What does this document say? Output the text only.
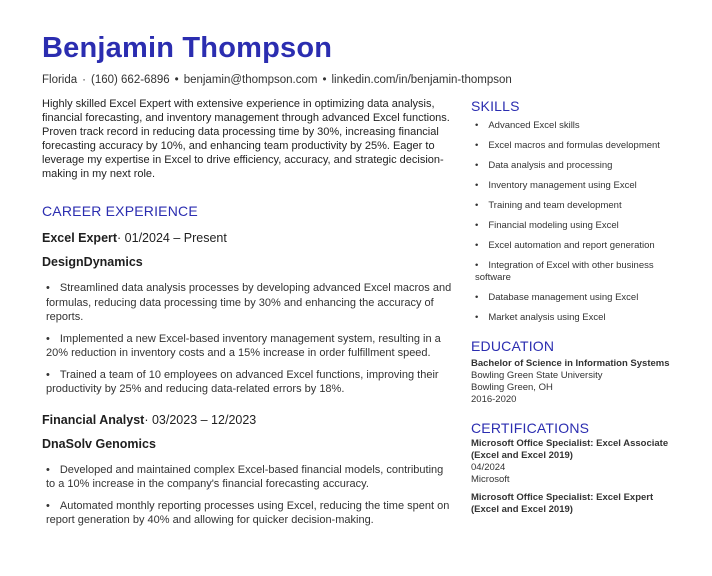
Benjamin Thompson
Florida · (160) 662-6896 • benjamin@thompson.com • linkedin.com/in/benjamin-thompson

Highly skilled Excel Expert with extensive experience in optimizing data analysis, financial forecasting, and inventory management through advanced Excel functions. Proven track record in reducing data processing time by 30%, increasing financial forecasting accuracy by 10%, and enhancing team productivity by 25%. Eager to leverage my expertise in Excel to drive efficiency, accuracy, and strategic decision-making in my next role.

CAREER EXPERIENCE
Excel Expert· 01/2024 – Present
DesignDynamics
• Streamlined data analysis processes by developing advanced Excel macros and formulas, reducing data processing time by 30% and enhancing the accuracy of reports.
• Implemented a new Excel-based inventory management system, resulting in a 20% reduction in inventory costs and a 15% increase in order fulfillment speed.
• Trained a team of 10 employees on advanced Excel functions, improving their productivity by 25% and reducing data-related errors by 18%.
Financial Analyst· 03/2023 – 12/2023
DnaSolv Genomics
• Developed and maintained complex Excel-based financial models, contributing to a 10% increase in the company's financial forecasting accuracy.
• Automated monthly reporting processes using Excel, reducing the time spent on report generation by 40% and allowing for quicker decision-making.
SKILLS
• Advanced Excel skills
• Excel macros and formulas development
• Data analysis and processing
• Inventory management using Excel
• Training and team development
• Financial modeling using Excel
• Excel automation and report generation
• Integration of Excel with other business software
• Database management using Excel
• Market analysis using Excel
EDUCATION
Bachelor of Science in Information Systems
Bowling Green State University
Bowling Green, OH
2016-2020
CERTIFICATIONS
Microsoft Office Specialist: Excel Associate (Excel and Excel 2019)
04/2024
Microsoft
Microsoft Office Specialist: Excel Expert (Excel and Excel 2019)
